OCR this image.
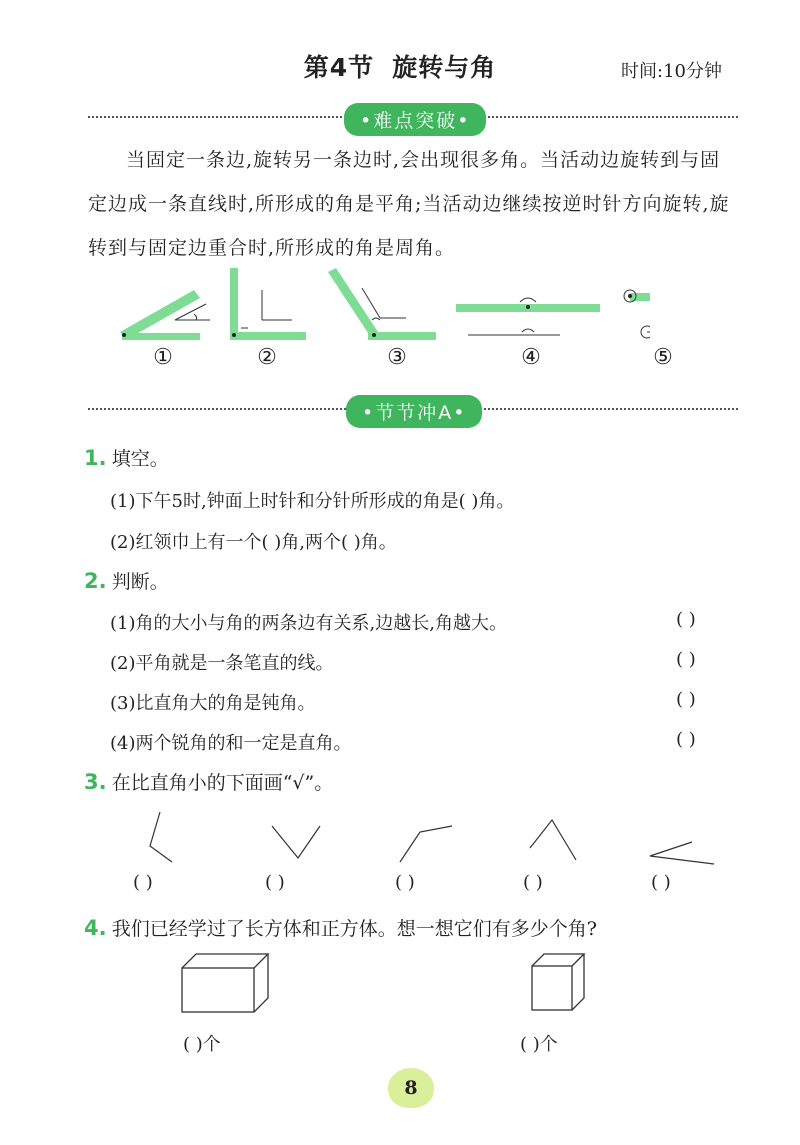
第4节 旋转与角	时间:10分钟
• 难点突破 •
当固定一条边,旋转另一条边时,会出现很多角。当活动边旋转到与固定边成一条直线时,所形成的角是平角;当活动边继续按逆时针方向旋转,旋转到与固定边重合时,所形成的角是周角。
①	②	③	④	⑤
• 节节冲A •
1. 填空。
(1)下午5时,钟面上时针和分针所形成的角是( )角。
(2)红领巾上有一个( )角,两个( )角。
2. 判断。
(1)角的大小与角的两条边有关系,边越长,角越大。	( )
(2)平角就是一条笔直的线。	( )
(3)比直角大的角是钝角。	( )
(4)两个锐角的和一定是直角。	( )
3. 在比直角小的下面画“√”。
( )	( )	( )	( )	( )
4. 我们已经学过了长方体和正方体。想一想它们有多少个角?
( )个	( )个
8
